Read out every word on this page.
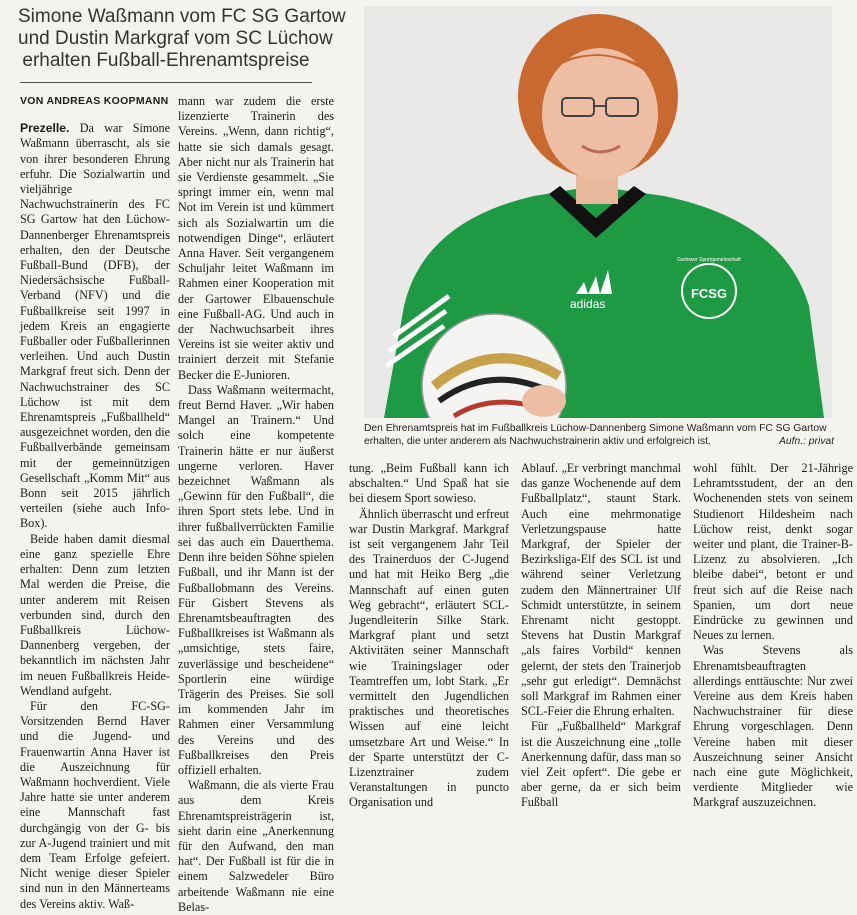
Simone Waßmann vom FC SG Gartow
und Dustin Markgraf vom SC Lüchow
erhalten Fußball-Ehrenamtspreise
VON ANDREAS KOOPMANN

Prezelle. Da war Simone Waßmann überrascht, als sie von ihrer besonderen Ehrung erfuhr. Die Sozialwartin und vieljährige Nachwuchstrainerin des FC SG Gartow hat den Lüchow-Dannenberger Ehrenamtspreis erhalten, den der Deutsche Fußball-Bund (DFB), der Niedersächsische Fußball-Verband (NFV) und die Fußballkreise seit 1997 in jedem Kreis an engagierte Fußballer oder Fußballerinnen verleihen. Und auch Dustin Markgraf freut sich. Denn der Nachwuchstrainer des SC Lüchow ist mit dem Ehrenamtspreis „Fußballheld“ ausgezeichnet worden, den die Fußballverbände gemeinsam mit der gemeinnützigen Gesellschaft „Komm Mit“ aus Bonn seit 2015 jährlich verteilen (siehe auch Info-Box).

Beide haben damit diesmal eine ganz spezielle Ehre erhalten: Denn zum letzten Mal werden die Preise, die unter anderem mit Reisen verbunden sind, durch den Fußballkreis Lüchow-Dannenberg vergeben, der bekanntlich im nächsten Jahr im neuen Fußballkreis Heide-Wendland aufgeht.

Für den FC-SG-Vorsitzenden Bernd Haver und die Jugend- und Frauenwartin Anna Haver ist die Auszeichnung für Waßmann hochverdient. Viele Jahre hatte sie unter anderem eine Mannschaft fast durchgängig von der G- bis zur A-Jugend trainiert und mit dem Team Erfolge gefeiert. Nicht wenige dieser Spieler sind nun in den Männerteams des Vereins aktiv. Waß-

mann war zudem die erste lizenzierte Trainerin des Vereins. „Wenn, dann richtig“, hatte sie sich damals gesagt. Aber nicht nur als Trainerin hat sie Verdienste gesammelt. „Sie springt immer ein, wenn mal Not im Verein ist und kümmert sich als Sozialwartin um die notwendigen Dinge“, erläutert Anna Haver. Seit vergangenem Schuljahr leitet Waßmann im Rahmen einer Kooperation mit der Gartower Elbauenschule eine Fußball-AG. Und auch in der Nachwuchsarbeit ihres Vereins ist sie weiter aktiv und trainiert derzeit mit Stefanie Becker die E-Junioren.

Dass Waßmann weitermacht, freut Bernd Haver. „Wir haben Mangel an Trainern.“ Und solch eine kompetente Trainerin hätte er nur äußerst ungerne verloren. Haver bezeichnet Waßmann als „Gewinn für den Fußball“, die ihren Sport stets lebe. Und in ihrer fußballverrückten Familie sei das auch ein Dauerthema. Denn ihre beiden Söhne spielen Fußball, und ihr Mann ist der Fußballobmann des Vereins. Für Gisbert Stevens als Ehrenamtsbeauftragten des Fußballkreises ist Waßmann als „umsichtige, stets faire, zuverlässige und bescheidene“ Sportlerin eine würdige Trägerin des Preises. Sie soll im kommenden Jahr im Rahmen einer Versammlung des Vereins und des Fußballkreises den Preis offiziell erhalten.

Waßmann, die als vierte Frau aus dem Kreis Ehrenamtspreisträgerin ist, sieht darin eine „Anerkennung für den Aufwand, den man hat“. Der Fußball ist für die in einem Salzwedeler Büro arbeitende Waßmann nie eine Belas-

adidas
FCSG
Gartower Sportgemeinschaft
Den Ehrenamtspreis hat im Fußballkreis Lüchow-Dannenberg Simone Waßmann vom FC SG Gartow erhalten, die unter anderem als Nachwuchstrainerin aktiv und erfolgreich ist.	Aufn.: privat

tung. „Beim Fußball kann ich abschalten.“ Und Spaß hat sie bei diesem Sport sowieso.

Ähnlich überrascht und erfreut war Dustin Markgraf. Markgraf ist seit vergangenem Jahr Teil des Trainerduos der C-Jugend und hat mit Heiko Berg „die Mannschaft auf einen guten Weg gebracht“, erläutert SCL-Jugendleiterin Silke Stark. Markgraf plant und setzt Aktivitäten seiner Mannschaft wie Trainingslager oder Teamtreffen um, lobt Stark. „Er vermittelt den Jugendlichen praktisches und theoretisches Wissen auf eine leicht umsetzbare Art und Weise.“ In der Sparte unterstützt der C-Lizenztrainer zudem Veranstaltungen in puncto Organisation und

Ablauf. „Er verbringt manchmal das ganze Wochenende auf dem Fußballplatz“, staunt Stark. Auch eine mehrmonatige Verletzungspause hatte Markgraf, der Spieler der Bezirksliga-Elf des SCL ist und während seiner Verletzung zudem den Männertrainer Ulf Schmidt unterstützte, in seinem Ehrenamt nicht gestoppt. Stevens hat Dustin Markgraf „als faires Vorbild“ kennen gelernt, der stets den Trainerjob „sehr gut erledigt“. Demnächst soll Markgraf im Rahmen einer SCL-Feier die Ehrung erhalten.

Für „Fußballheld“ Markgraf ist die Auszeichnung eine „tolle Anerkennung dafür, dass man so viel Zeit opfert“. Die gebe er aber gerne, da er sich beim Fußball

wohl fühlt. Der 21-Jährige Lehramtsstudent, der an den Wochenenden stets von seinem Studienort Hildesheim nach Lüchow reist, denkt sogar weiter und plant, die Trainer-B-Lizenz zu absolvieren. „Ich bleibe dabei“, betont er und freut sich auf die Reise nach Spanien, um dort neue Eindrücke zu gewinnen und Neues zu lernen.

Was Stevens als Ehrenamtsbeauftragten allerdings enttäuschte: Nur zwei Vereine aus dem Kreis haben Nachwuchstrainer für diese Ehrung vorgeschlagen. Denn Vereine haben mit dieser Auszeichnung seiner Ansicht nach eine gute Möglichkeit, verdiente Mitglieder wie Markgraf auszuzeichnen.
